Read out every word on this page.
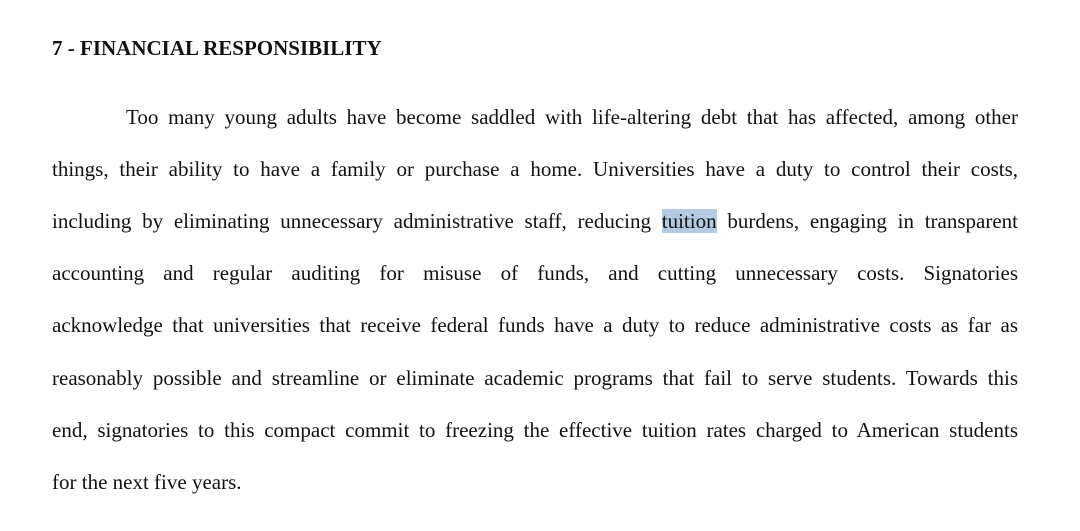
7 - FINANCIAL RESPONSIBILITY
Too many young adults have become saddled with life-altering debt that has affected, among other
things, their ability to have a family or purchase a home. Universities have a duty to control their costs,
including by eliminating unnecessary administrative staff, reducing tuition burdens, engaging in transparent
accounting and regular auditing for misuse of funds, and cutting unnecessary costs. Signatories
acknowledge that universities that receive federal funds have a duty to reduce administrative costs as far as
reasonably possible and streamline or eliminate academic programs that fail to serve students. Towards this
end, signatories to this compact commit to freezing the effective tuition rates charged to American students
for the next five years.
